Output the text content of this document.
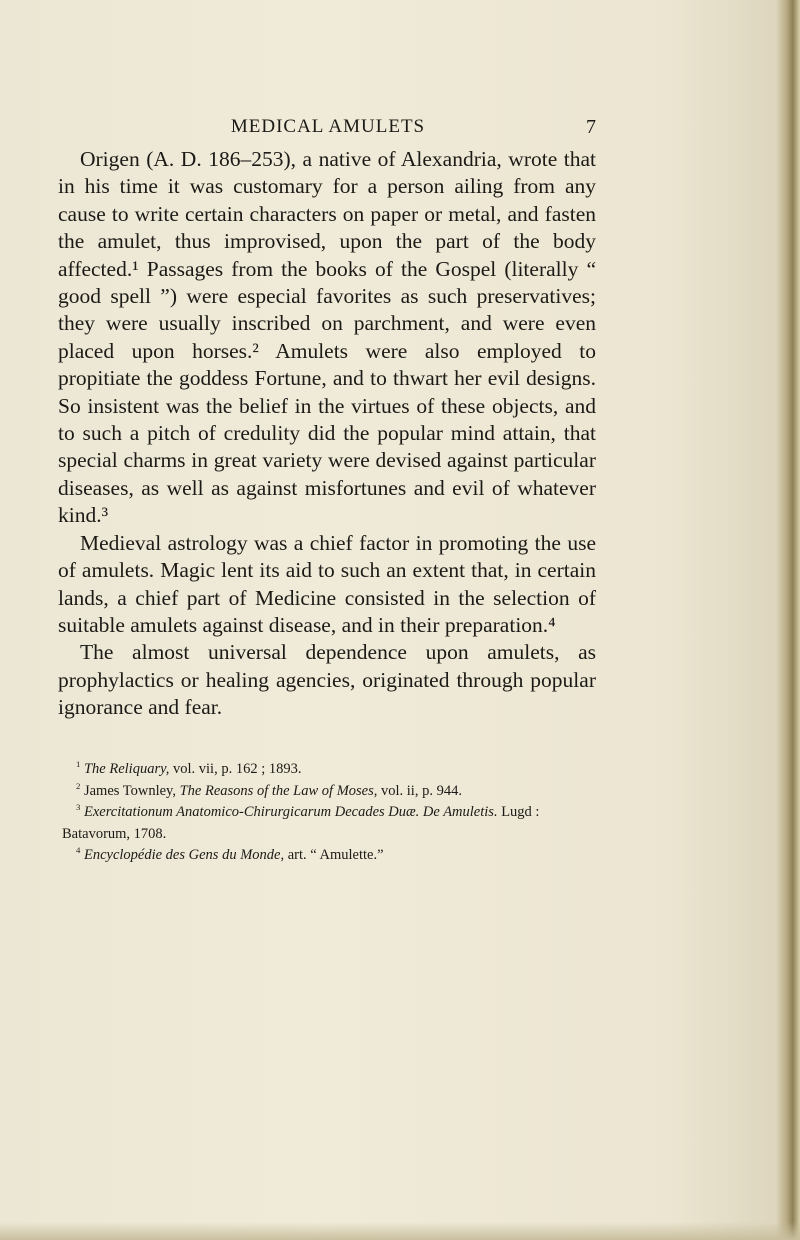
MEDICAL AMULETS	7

Origen (A. D. 186–253), a native of Alexandria, wrote that in his time it was customary for a person ailing from any cause to write certain characters on paper or metal, and fasten the amulet, thus improvised, upon the part of the body affected.¹ Passages from the books of the Gospel (literally “ good spell ”) were especial favorites as such preservatives; they were usually inscribed on parchment, and were even placed upon horses.² Amulets were also employed to propitiate the goddess Fortune, and to thwart her evil designs. So insistent was the belief in the virtues of these objects, and to such a pitch of credulity did the popular mind attain, that special charms in great variety were devised against particular diseases, as well as against misfortunes and evil of whatever kind.³

Medieval astrology was a chief factor in promoting the use of amulets. Magic lent its aid to such an extent that, in certain lands, a chief part of Medicine consisted in the selection of suitable amulets against disease, and in their preparation.⁴

The almost universal dependence upon amulets, as prophylactics or healing agencies, originated through popular ignorance and fear.

$^1$ The Reliquary, vol. vii, p. 162 ; 1893.

$^2$ James Townley, The Reasons of the Law of Moses, vol. ii, p. 944.

$^3$ Exercitationum Anatomico-Chirurgicarum Decades Duæ. De Amuletis. Lugd : Batavorum, 1708.

$^4$ Encyclopédie des Gens du Monde, art. “ Amulette.”
